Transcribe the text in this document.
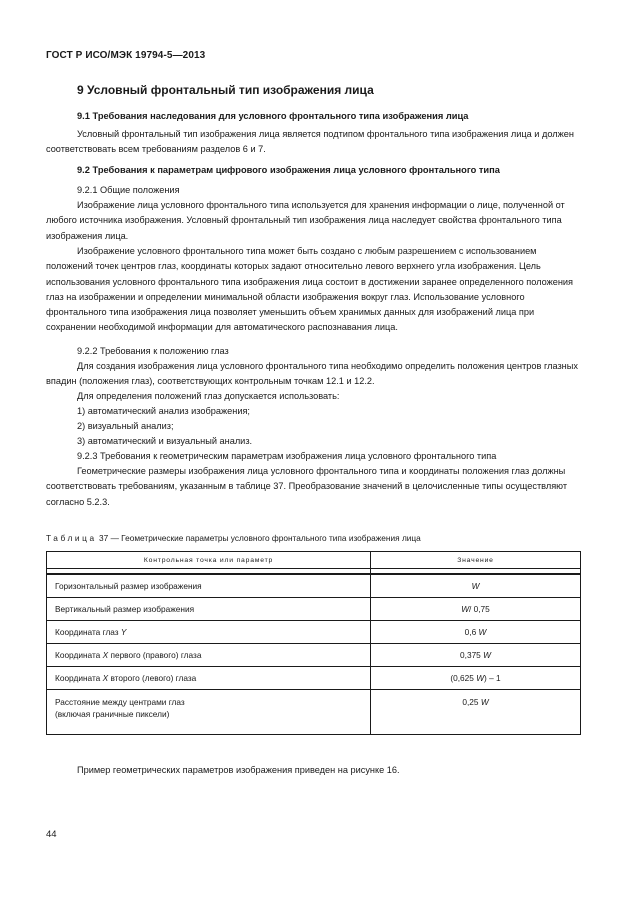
ГОСТ Р ИСО/МЭК 19794-5—2013
9 Условный фронтальный тип изображения лица
9.1 Требования наследования для условного фронтального типа изображения лица

Условный фронтальный тип изображения лица является подтипом фронтального типа изображения лица и должен соответствовать всем требованиям разделов 6 и 7.

9.2 Требования к параметрам цифрового изображения лица условного фронтального типа
9.2.1 Общие положения

Изображение лица условного фронтального типа используется для хранения информации о лице, полученной от любого источника изображения. Условный фронтальный тип изображения лица наследует свойства фронтального типа изображения лица.

Изображение условного фронтального типа может быть создано с любым разрешением с использованием положений точек центров глаз, координаты которых задают относительно левого верхнего угла изображения. Цель использования условного фронтального типа изображения лица состоит в достижении заранее определенного положения глаз на изображении и определении минимальной области изображения вокруг глаз. Использование условного фронтального типа изображения лица позволяет уменьшить объем хранимых данных для изображений лица при сохранении необходимой информации для автоматического распознавания лица.

9.2.2 Требования к положению глаз

Для создания изображения лица условного фронтального типа необходимо определить положения центров глазных впадин (положения глаз), соответствующих контрольным точкам 12.1 и 12.2.

Для определения положений глаз допускается использовать:
1) автоматический анализ изображения;
2) визуальный анализ;
3) автоматический и визуальный анализ.
9.2.3 Требования к геометрическим параметрам изображения лица условного фронтального типа

Геометрические размеры изображения лица условного фронтального типа и координаты положения глаз должны соответствовать требованиям, указанным в таблице 37. Преобразование значений в целочисленные типы осуществляют согласно 5.2.3.

Таблица 37 — Геометрические параметры условного фронтального типа изображения лица
Контрольная точка или параметр	Значение

Горизонтальный размер изображения	W
Вертикальный размер изображения	W/ 0,75
Координата глаз Y	0,6 W
Координата X первого (правого) глаза	0,375 W
Координата X второго (левого) глаза	(0,625 W) – 1

Расстояние между центрами глаз
(включая граничные пиксели)	0,25 W
Пример геометрических параметров изображения приведен на рисунке 16.
44
